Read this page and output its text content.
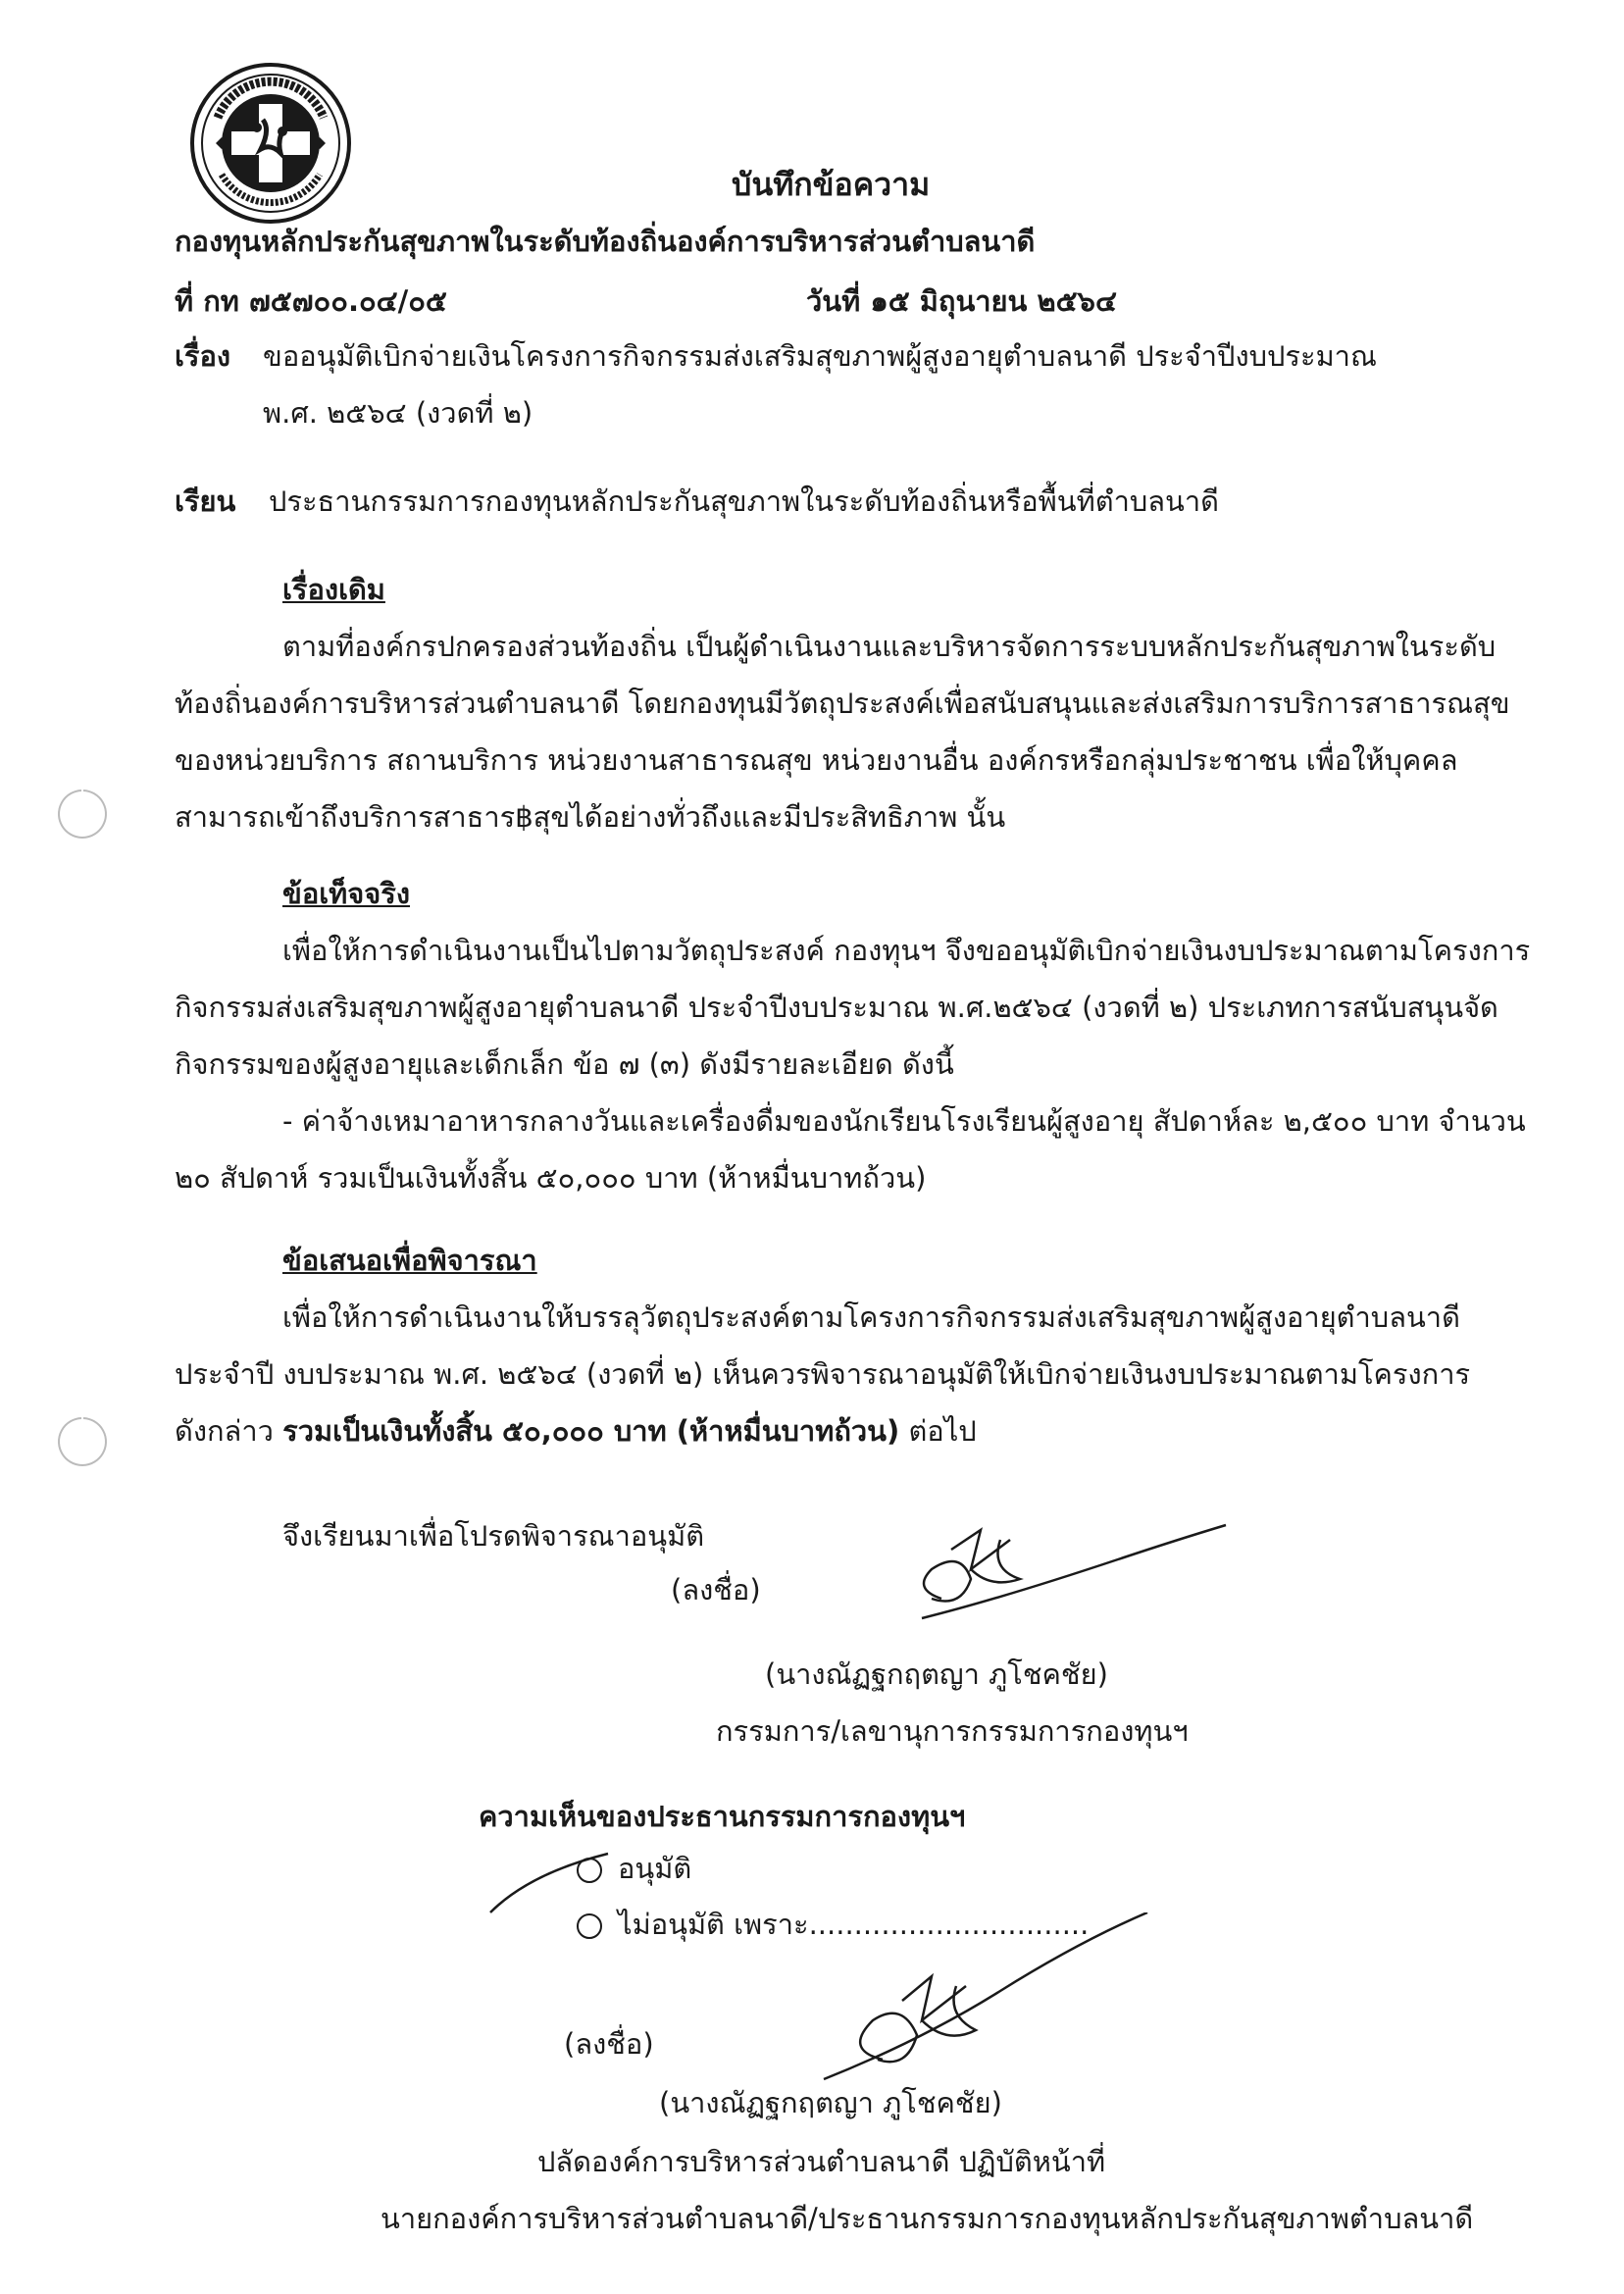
บันทึกข้อความ
กองทุนหลักประกันสุขภาพในระดับท้องถิ่นองค์การบริหารส่วนตำบลนาดี
ที่ กท ๗๕๗๐๐.๐๔/๐๕	วันที่ ๑๕ มิถุนายน ๒๕๖๔
เรื่อง ขออนุมัติเบิกจ่ายเงินโครงการกิจกรรมส่งเสริมสุขภาพผู้สูงอายุตำบลนาดี ประจำปีงบประมาณ
พ.ศ. ๒๕๖๔ (งวดที่ ๒)
เรียน ประธานกรรมการกองทุนหลักประกันสุขภาพในระดับท้องถิ่นหรือพื้นที่ตำบลนาดี
เรื่องเดิม
ตามที่องค์กรปกครองส่วนท้องถิ่น เป็นผู้ดำเนินงานและบริหารจัดการระบบหลักประกันสุขภาพในระดับ
ท้องถิ่นองค์การบริหารส่วนตำบลนาดี โดยกองทุนมีวัตถุประสงค์เพื่อสนับสนุนและส่งเสริมการบริการสาธารณสุข
ของหน่วยบริการ สถานบริการ หน่วยงานสาธารณสุข หน่วยงานอื่น องค์กรหรือกลุ่มประชาชน เพื่อให้บุคคล
สามารถเข้าถึงบริการสาธาร฿สุขได้อย่างทั่วถึงและมีประสิทธิภาพ นั้น
ข้อเท็จจริง
เพื่อให้การดำเนินงานเป็นไปตามวัตถุประสงค์ กองทุนฯ จึงขออนุมัติเบิกจ่ายเงินงบประมาณตามโครงการ
กิจกรรมส่งเสริมสุขภาพผู้สูงอายุตำบลนาดี ประจำปีงบประมาณ พ.ศ.๒๕๖๔ (งวดที่ ๒) ประเภทการสนับสนุนจัด
กิจกรรมของผู้สูงอายุและเด็กเล็ก ข้อ ๗ (๓) ดังมีรายละเอียด ดังนี้
- ค่าจ้างเหมาอาหารกลางวันและเครื่องดื่มของนักเรียนโรงเรียนผู้สูงอายุ สัปดาห์ละ ๒,๕๐๐ บาท จำนวน
๒๐ สัปดาห์ รวมเป็นเงินทั้งสิ้น ๕๐,๐๐๐ บาท (ห้าหมื่นบาทถ้วน)
ข้อเสนอเพื่อพิจารณา
เพื่อให้การดำเนินงานให้บรรลุวัตถุประสงค์ตามโครงการกิจกรรมส่งเสริมสุขภาพผู้สูงอายุตำบลนาดี
ประจำปี งบประมาณ พ.ศ. ๒๕๖๔ (งวดที่ ๒) เห็นควรพิจารณาอนุมัติให้เบิกจ่ายเงินงบประมาณตามโครงการ
ดังกล่าว รวมเป็นเงินทั้งสิ้น ๕๐,๐๐๐ บาท (ห้าหมื่นบาทถ้วน) ต่อไป
จึงเรียนมาเพื่อโปรดพิจารณาอนุมัติ
(ลงชื่อ)
(นางณัฏฐกฤตญา ภูโชคชัย)
กรรมการ/เลขานุการกรรมการกองทุนฯ
ความเห็นของประธานกรรมการกองทุนฯ
อนุมัติ
ไม่อนุมัติ เพราะ...............................
(ลงชื่อ)
(นางณัฏฐกฤตญา ภูโชคชัย)
ปลัดองค์การบริหารส่วนตำบลนาดี ปฏิบัติหน้าที่
นายกองค์การบริหารส่วนตำบลนาดี/ประธานกรรมการกองทุนหลักประกันสุขภาพตำบลนาดี
